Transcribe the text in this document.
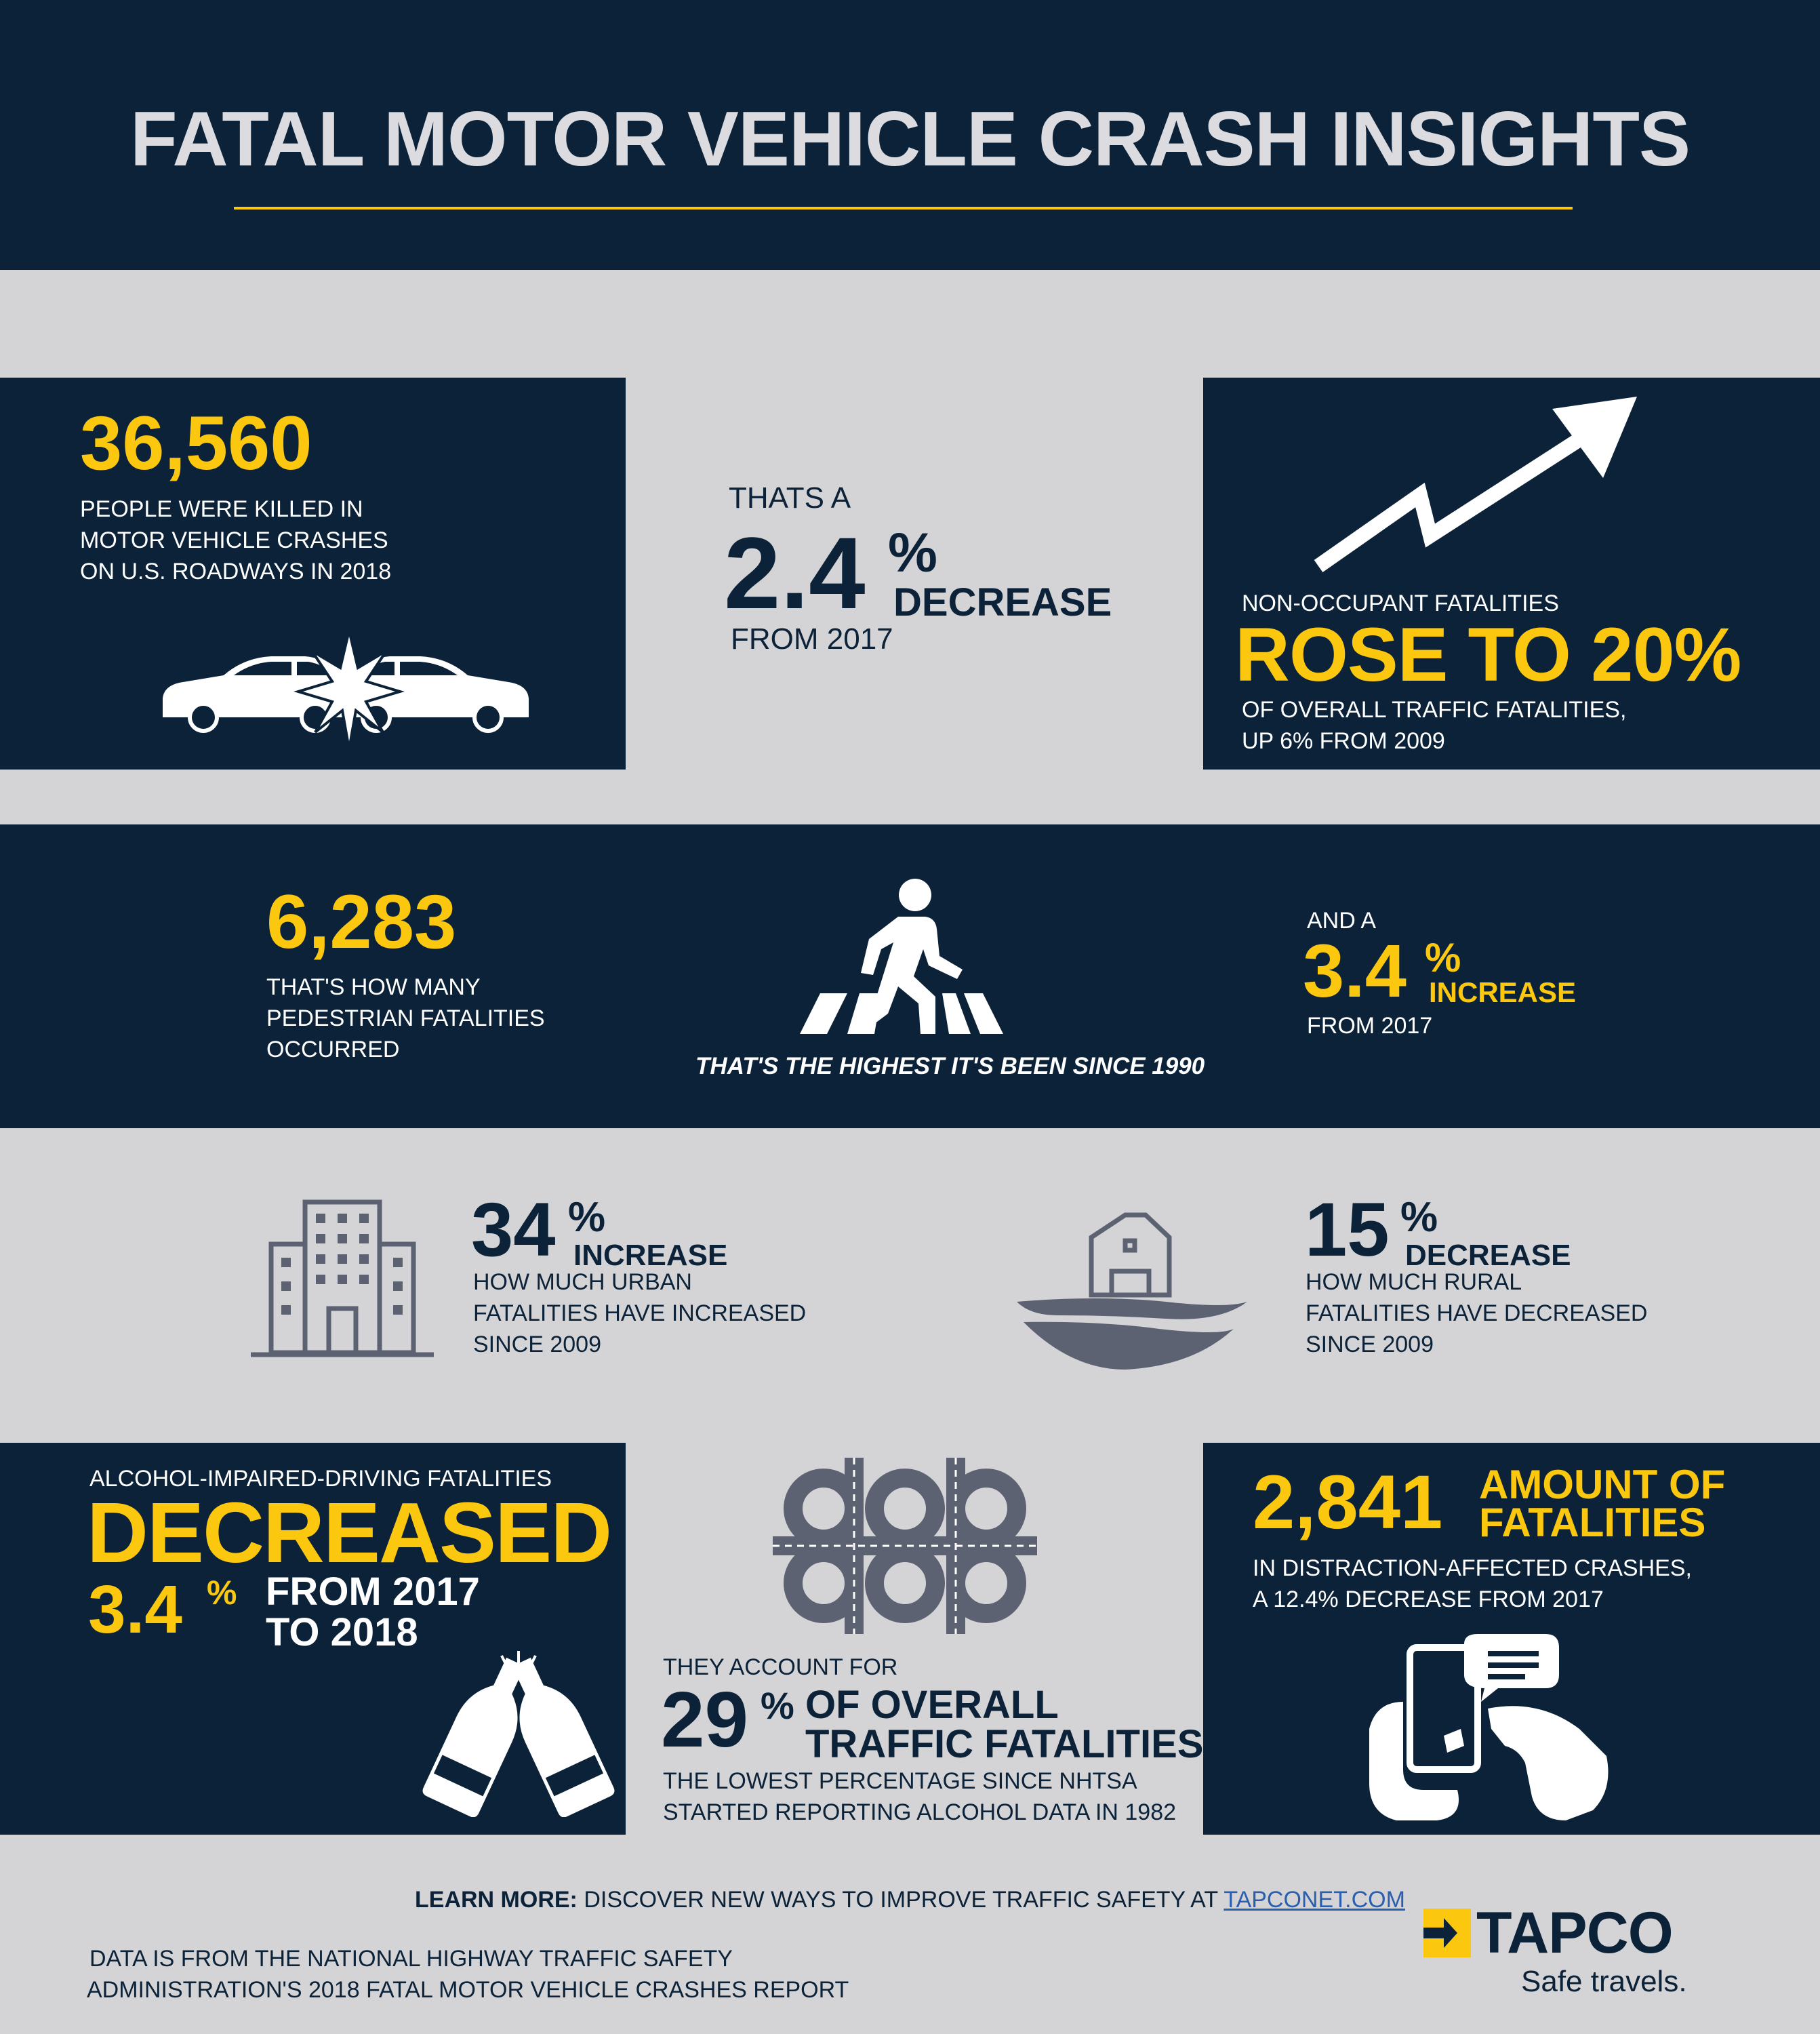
FATAL MOTOR VEHICLE CRASH INSIGHTS
36,560
PEOPLE WERE KILLED IN
MOTOR VEHICLE CRASHES
ON U.S. ROADWAYS IN 2018
THATS A
2.4 %
DECREASE
FROM 2017
NON-OCCUPANT FATALITIES
ROSE TO 20%
OF OVERALL TRAFFIC FATALITIES,
UP 6% FROM 2009
6,283
THAT'S HOW MANY
PEDESTRIAN FATALITIES
OCCURRED
THAT'S THE HIGHEST IT'S BEEN SINCE 1990
AND A
3.4 %
INCREASE
FROM 2017
34 %
INCREASE
HOW MUCH URBAN
FATALITIES HAVE INCREASED
SINCE 2009
15 %
DECREASE
HOW MUCH RURAL
FATALITIES HAVE DECREASED
SINCE 2009
ALCOHOL-IMPAIRED-DRIVING FATALITIES
DECREASED
3.4 % FROM 2017
TO 2018
THEY ACCOUNT FOR
29 % OF OVERALL
TRAFFIC FATALITIES
THE LOWEST PERCENTAGE SINCE NHTSA
STARTED REPORTING ALCOHOL DATA IN 1982
2,841 AMOUNT OF
FATALITIES
IN DISTRACTION-AFFECTED CRASHES,
A 12.4% DECREASE FROM 2017
LEARN MORE: DISCOVER NEW WAYS TO IMPROVE TRAFFIC SAFETY AT TAPCONET.COM
DATA IS FROM THE NATIONAL HIGHWAY TRAFFIC SAFETY
ADMINISTRATION'S 2018 FATAL MOTOR VEHICLE CRASHES REPORT
TAPCO
Safe travels.
